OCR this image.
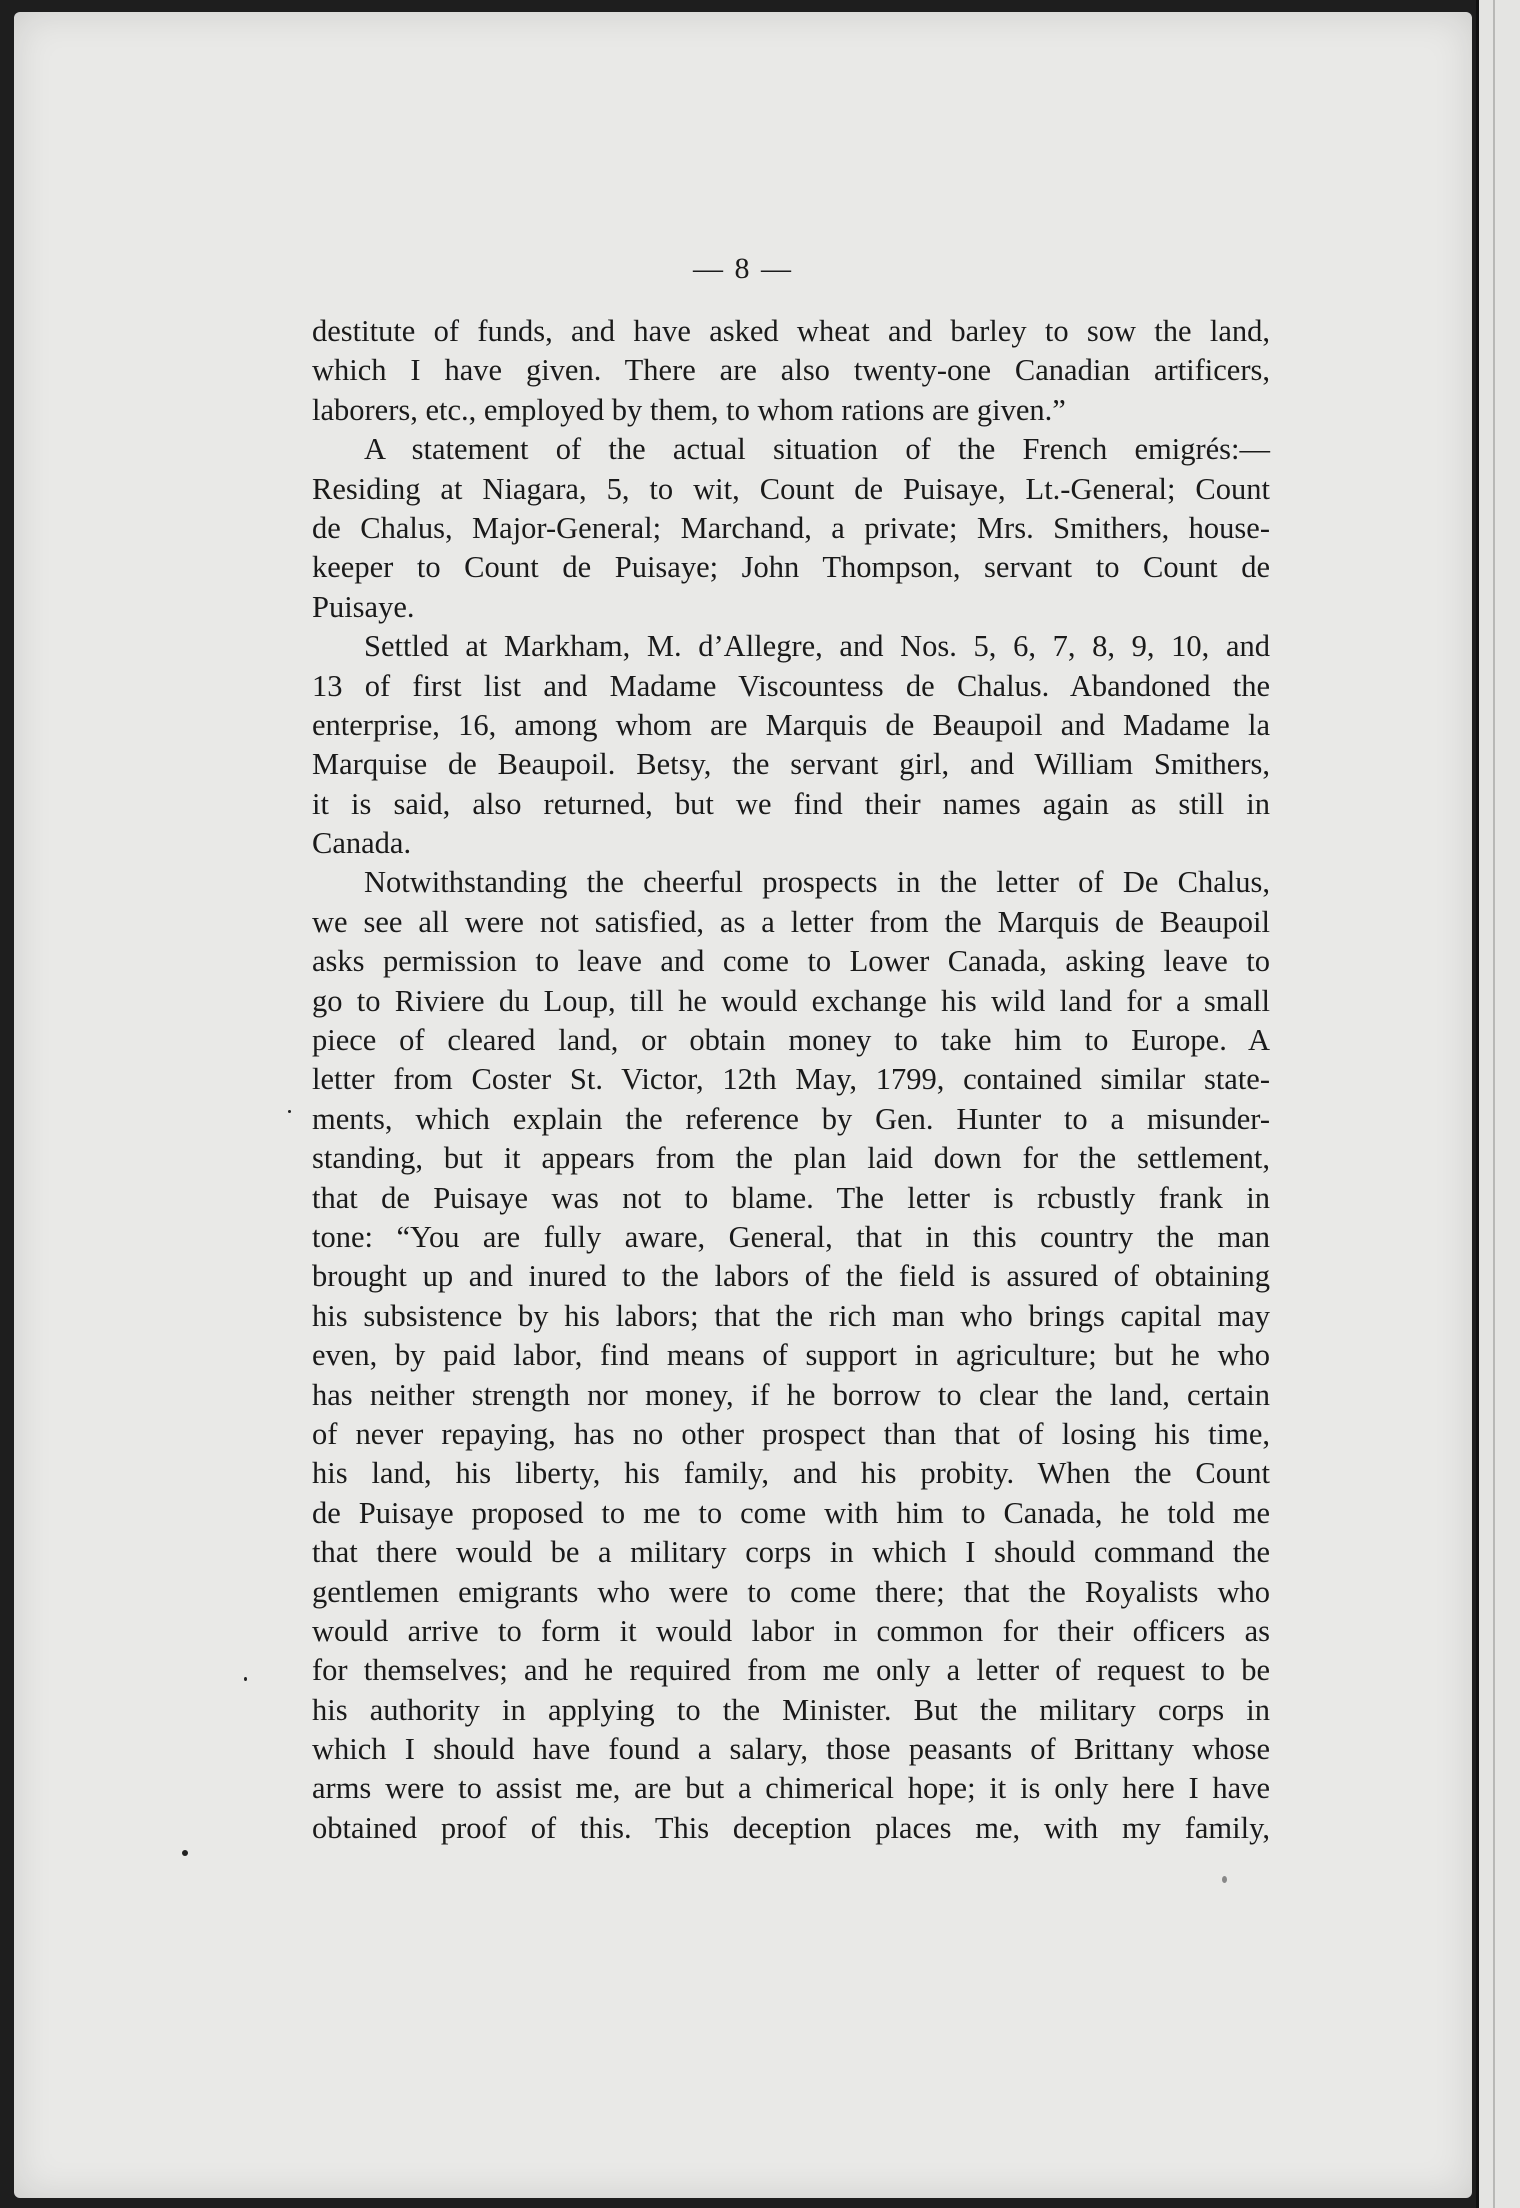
— 8 —
destitute of funds, and have asked wheat and barley to sow the land,
which I have given. There are also twenty-one Canadian artificers,
laborers, etc., employed by them, to whom rations are given.”
A statement of the actual situation of the French emigrés:—
Residing at Niagara, 5, to wit, Count de Puisaye, Lt.-General; Count
de Chalus, Major-General; Marchand, a private; Mrs. Smithers, house-
keeper to Count de Puisaye; John Thompson, servant to Count de
Puisaye.
Settled at Markham, M. d’Allegre, and Nos. 5, 6, 7, 8, 9, 10, and
13 of first list and Madame Viscountess de Chalus. Abandoned the
enterprise, 16, among whom are Marquis de Beaupoil and Madame la
Marquise de Beaupoil. Betsy, the servant girl, and William Smithers,
it is said, also returned, but we find their names again as still in
Canada.
Notwithstanding the cheerful prospects in the letter of De Chalus,
we see all were not satisfied, as a letter from the Marquis de Beaupoil
asks permission to leave and come to Lower Canada, asking leave to
go to Riviere du Loup, till he would exchange his wild land for a small
piece of cleared land, or obtain money to take him to Europe. A
letter from Coster St. Victor, 12th May, 1799, contained similar state-
ments, which explain the reference by Gen. Hunter to a misunder-
standing, but it appears from the plan laid down for the settlement,
that de Puisaye was not to blame. The letter is rcbustly frank in
tone: “You are fully aware, General, that in this country the man
brought up and inured to the labors of the field is assured of obtaining
his subsistence by his labors; that the rich man who brings capital may
even, by paid labor, find means of support in agriculture; but he who
has neither strength nor money, if he borrow to clear the land, certain
of never repaying, has no other prospect than that of losing his time,
his land, his liberty, his family, and his probity. When the Count
de Puisaye proposed to me to come with him to Canada, he told me
that there would be a military corps in which I should command the
gentlemen emigrants who were to come there; that the Royalists who
would arrive to form it would labor in common for their officers as
for themselves; and he required from me only a letter of request to be
his authority in applying to the Minister. But the military corps in
which I should have found a salary, those peasants of Brittany whose
arms were to assist me, are but a chimerical hope; it is only here I have
obtained proof of this. This deception places me, with my family,
